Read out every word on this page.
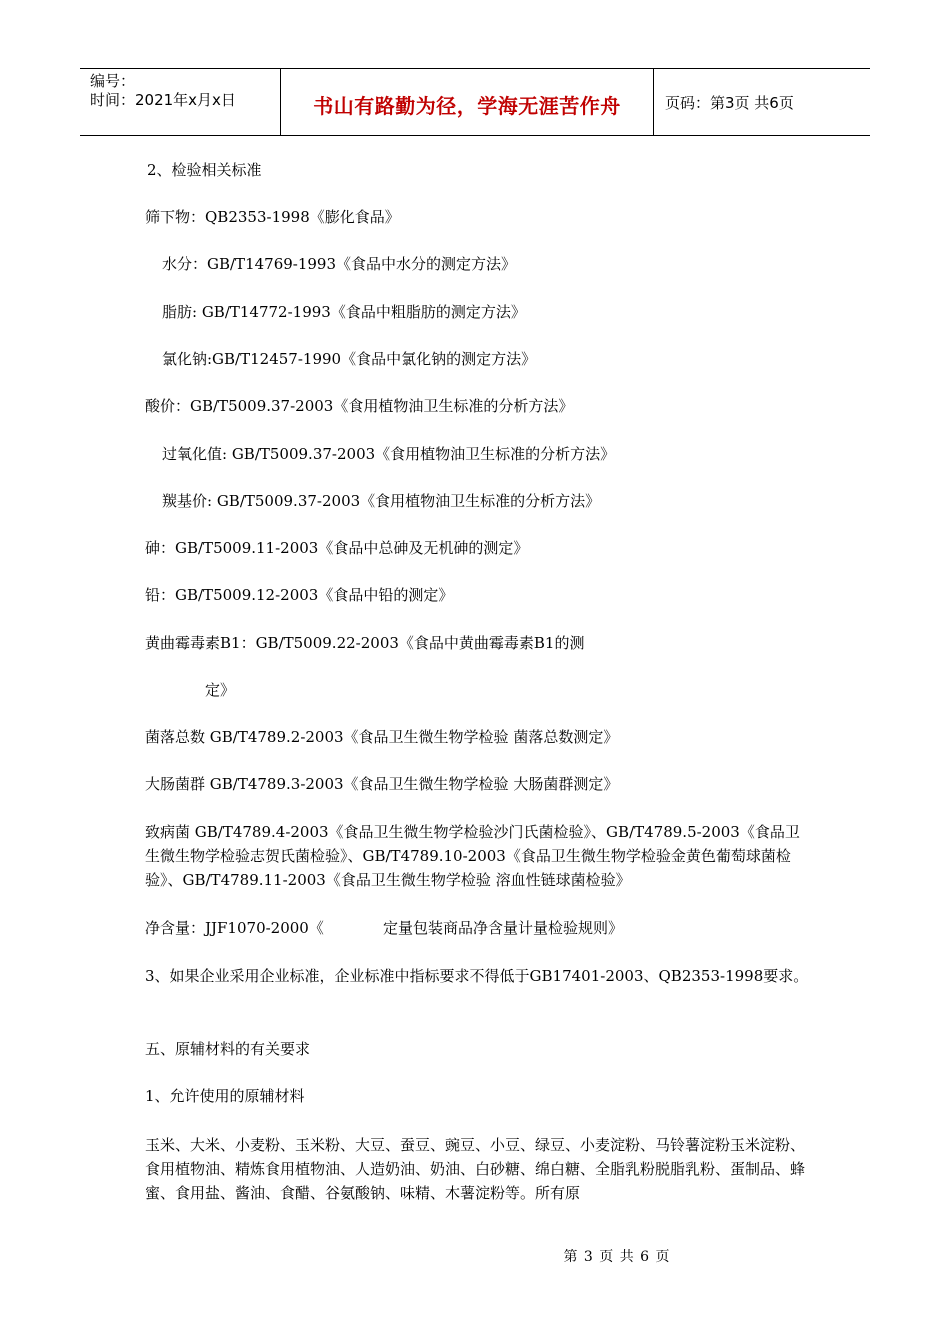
编号：
时间：2021年x月x日	书山有路勤为径，学海无涯苦作舟	页码：第3页 共6页
2、检验相关标准
筛下物：QB2353-1998《膨化食品》
水分：GB/T14769-1993《食品中水分的测定方法》
脂肪: GB/T14772-1993《食品中粗脂肪的测定方法》
氯化钠:GB/T12457-1990《食品中氯化钠的测定方法》
酸价：GB/T5009.37-2003《食用植物油卫生标准的分析方法》
过氧化值: GB/T5009.37-2003《食用植物油卫生标准的分析方法》
羰基价: GB/T5009.37-2003《食用植物油卫生标准的分析方法》
砷：GB/T5009.11-2003《食品中总砷及无机砷的测定》
铅：GB/T5009.12-2003《食品中铅的测定》
黄曲霉毒素B1：GB/T5009.22-2003《食品中黄曲霉毒素B1的测
定》
菌落总数 GB/T4789.2-2003《食品卫生微生物学检验 菌落总数测定》
大肠菌群 GB/T4789.3-2003《食品卫生微生物学检验 大肠菌群测定》
致病菌 GB/T4789.4-2003《食品卫生微生物学检验沙门氏菌检验》、GB/T4789.5-2003《食品卫生微生物学检验志贺氏菌检验》、GB/T4789.10-2003《食品卫生微生物学检验金黄色葡萄球菌检验》、GB/T4789.11-2003《食品卫生微生物学检验 溶血性链球菌检验》
净含量：JJF1070-2000《	定量包装商品净含量计量检验规则》
3、如果企业采用企业标准，企业标准中指标要求不得低于GB17401-2003、QB2353-1998要求。
五、原辅材料的有关要求
1、允许使用的原辅材料
玉米、大米、小麦粉、玉米粉、大豆、蚕豆、豌豆、小豆、绿豆、小麦淀粉、马铃薯淀粉玉米淀粉、食用植物油、精炼食用植物油、人造奶油、奶油、白砂糖、绵白糖、全脂乳粉脱脂乳粉、蛋制品、蜂蜜、食用盐、酱油、食醋、谷氨酸钠、味精、木薯淀粉等。所有原
第 3 页 共 6 页
